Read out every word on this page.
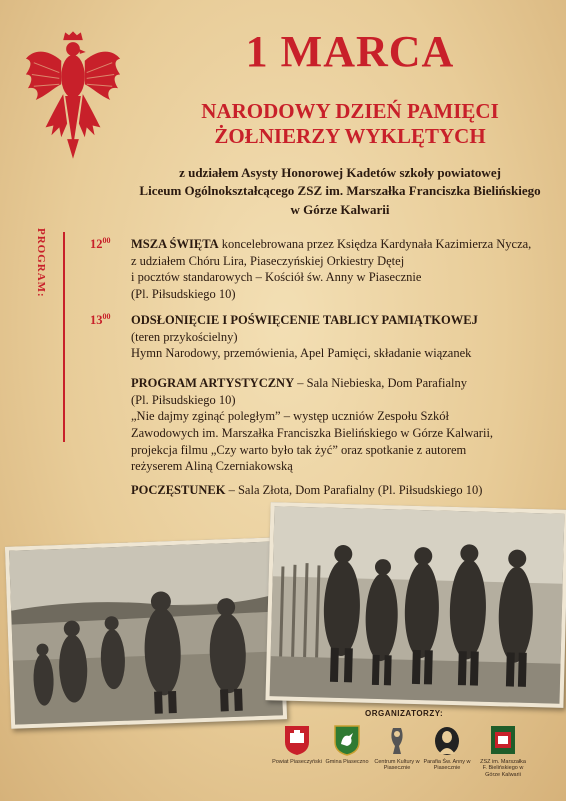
1 MARCA
NARODOWY DZIEŃ PAMIĘCI
ŻOŁNIERZY WYKLĘTYCH
z udziałem Asysty Honorowej Kadetów szkoły powiatowej
Liceum Ogólnokształcącego ZSZ im. Marszałka Franciszka Bielińskiego
w Górze Kalwarii
PROGRAM:	$12^{00}$ MSZA ŚWIĘTA koncelebrowana przez Księdza Kardynała Kazimierza Nycza,
z udziałem Chóru Lira, Piaseczyńskiej Orkiestry Dętej
i pocztów standarowych – Kościół św. Anny w Piasecznie
(Pl. Piłsudskiego 10)
$13^{00}$ ODSŁONIĘCIE I POŚWIĘCENIE TABLICY PAMIĄTKOWEJ
(teren przykościelny)
Hymn Narodowy, przemówienia, Apel Pamięci, składanie wiązanek
PROGRAM ARTYSTYCZNY – Sala Niebieska, Dom Parafialny
(Pl. Piłsudskiego 10)
„Nie dajmy zginąć poległym” – występ uczniów Zespołu Szkół
Zawodowych im. Marszałka Franciszka Bielińskiego w Górze Kalwarii,
projekcja filmu „Czy warto było tak żyć” oraz spotkanie z autorem
reżyserem Aliną Czerniakowską
POCZĘSTUNEK – Sala Złota, Dom Parafialny (Pl. Piłsudskiego 10)
ORGANIZATORZY:
Powiat Piaseczyński Gmina Piaseczno	Centrum Kultury w Piasecznie
Parafia Św. Anny w Piasecznie
ZSZ im. Marszałka F. Bielińskiego w Górze Kalwarii
